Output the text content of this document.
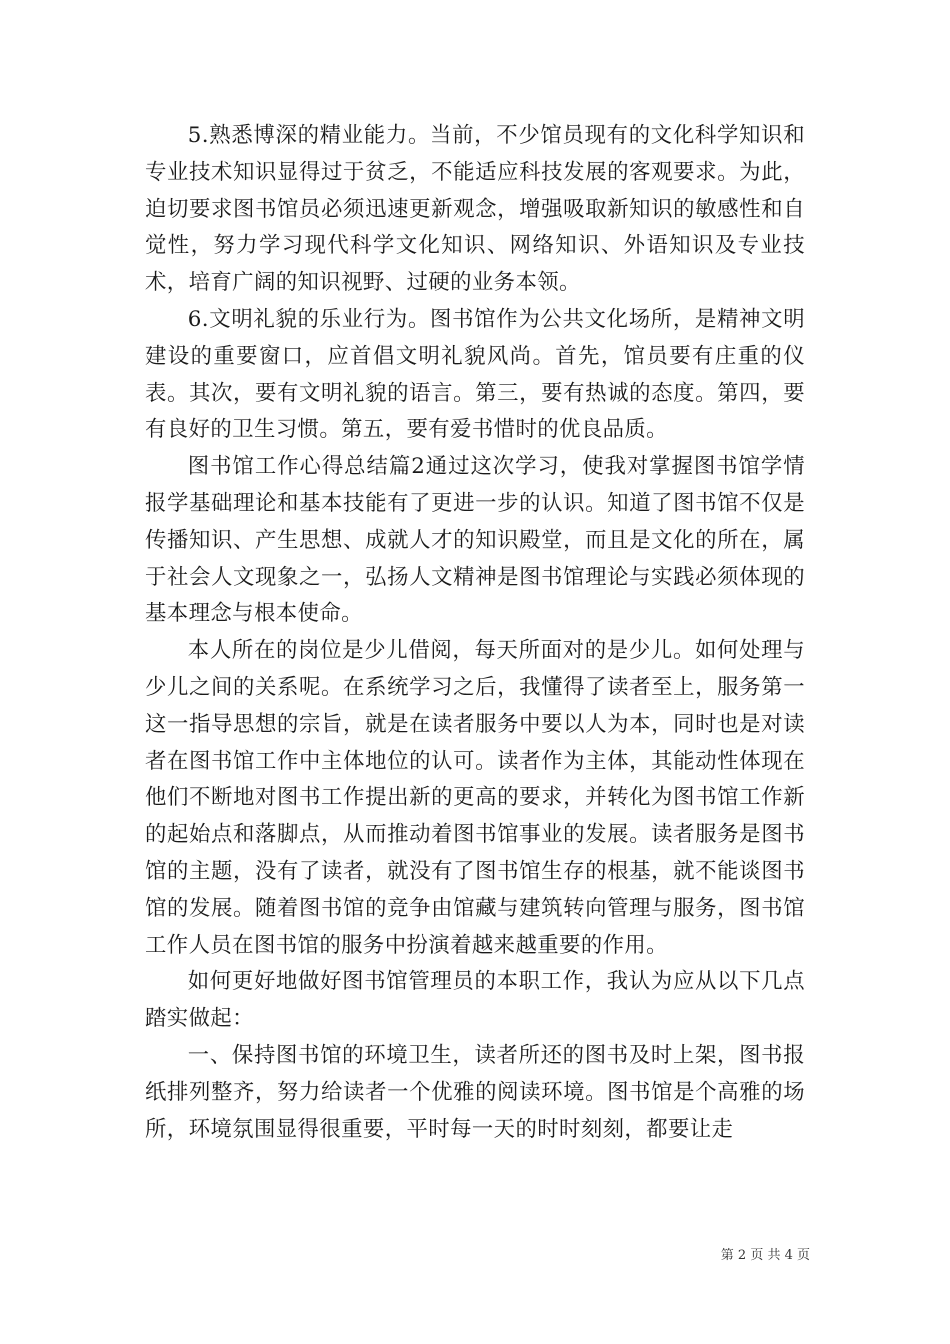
5.熟悉博深的精业能力。当前，不少馆员现有的文化科学知识和专业技术知识显得过于贫乏，不能适应科技发展的客观要求。为此，迫切要求图书馆员必须迅速更新观念，增强吸取新知识的敏感性和自觉性，努力学习现代科学文化知识、网络知识、外语知识及专业技术，培育广阔的知识视野、过硬的业务本领。

6.文明礼貌的乐业行为。图书馆作为公共文化场所，是精神文明建设的重要窗口，应首倡文明礼貌风尚。首先，馆员要有庄重的仪表。其次，要有文明礼貌的语言。第三，要有热诚的态度。第四，要有良好的卫生习惯。第五，要有爱书惜时的优良品质。

图书馆工作心得总结篇2通过这次学习，使我对掌握图书馆学情报学基础理论和基本技能有了更进一步的认识。知道了图书馆不仅是传播知识、产生思想、成就人才的知识殿堂，而且是文化的所在，属于社会人文现象之一，弘扬人文精神是图书馆理论与实践必须体现的基本理念与根本使命。

本人所在的岗位是少儿借阅，每天所面对的是少儿。如何处理与少儿之间的关系呢。在系统学习之后，我懂得了读者至上，服务第一这一指导思想的宗旨，就是在读者服务中要以人为本，同时也是对读者在图书馆工作中主体地位的认可。读者作为主体，其能动性体现在他们不断地对图书工作提出新的更高的要求，并转化为图书馆工作新的起始点和落脚点，从而推动着图书馆事业的发展。读者服务是图书馆的主题，没有了读者，就没有了图书馆生存的根基，就不能谈图书馆的发展。随着图书馆的竞争由馆藏与建筑转向管理与服务，图书馆工作人员在图书馆的服务中扮演着越来越重要的作用。

如何更好地做好图书馆管理员的本职工作，我认为应从以下几点踏实做起：

一、保持图书馆的环境卫生，读者所还的图书及时上架，图书报纸排列整齐，努力给读者一个优雅的阅读环境。图书馆是个高雅的场所，环境氛围显得很重要，平时每一天的时时刻刻，都要让走

第 2 页 共 4 页
